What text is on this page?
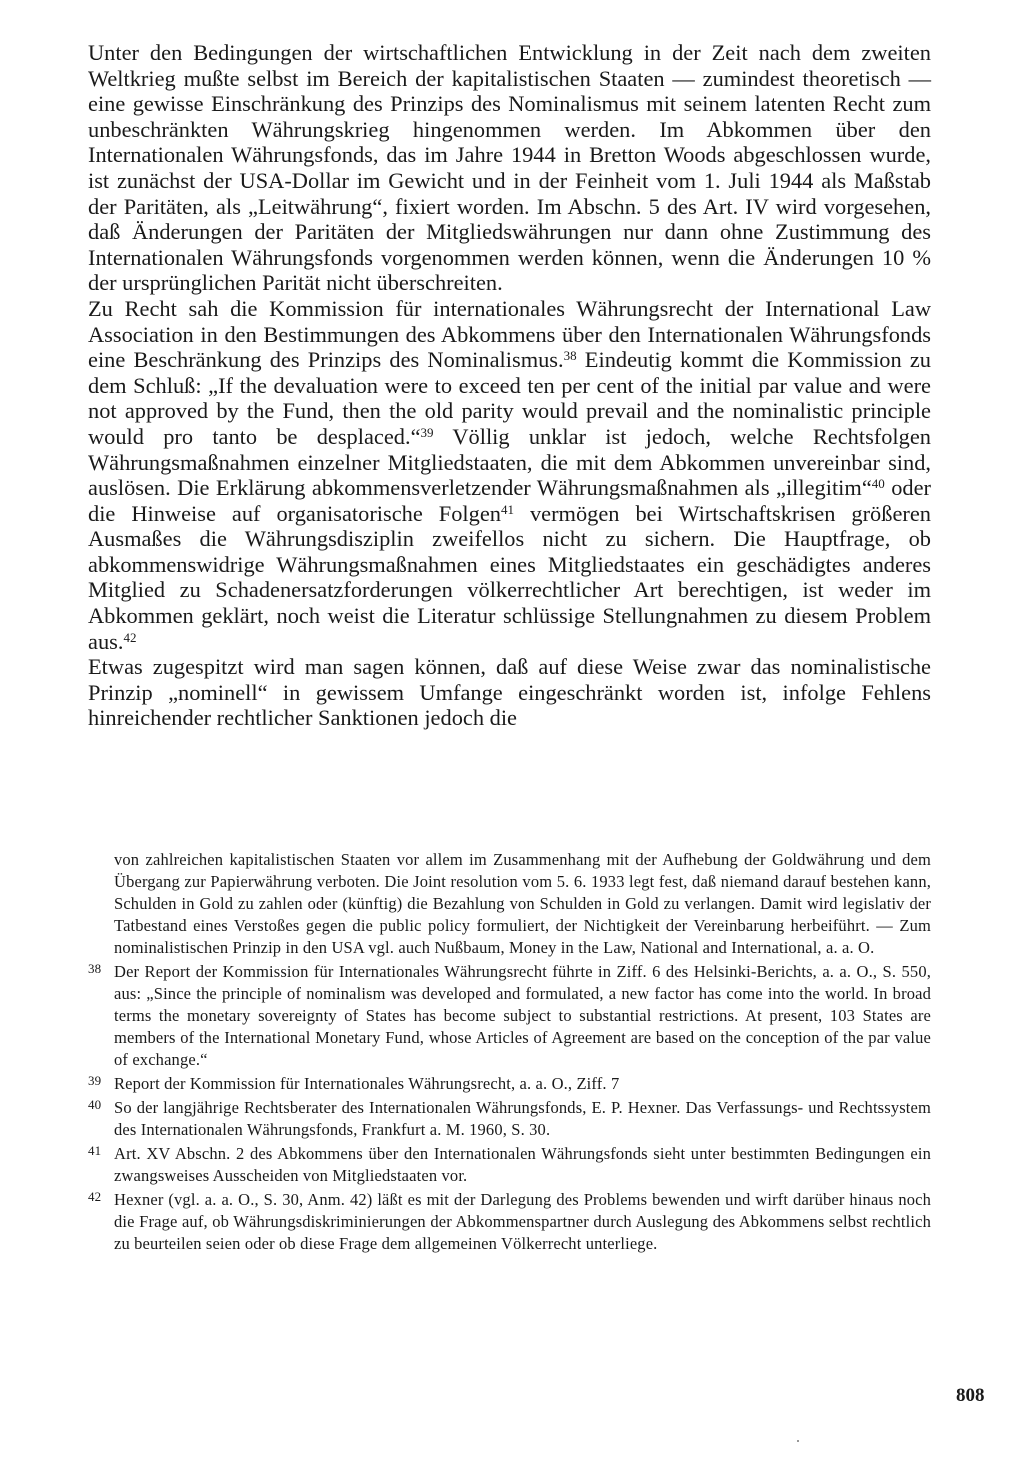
Unter den Bedingungen der wirtschaftlichen Entwicklung in der Zeit nach dem zweiten Weltkrieg mußte selbst im Bereich der kapitalistischen Staaten — zumindest theoretisch — eine gewisse Einschränkung des Prinzips des Nominalismus mit seinem latenten Recht zum unbeschränkten Währungskrieg hingenommen werden. Im Abkommen über den Internationalen Währungsfonds, das im Jahre 1944 in Bretton Woods abgeschlossen wurde, ist zunächst der USA-Dollar im Gewicht und in der Feinheit vom 1. Juli 1944 als Maßstab der Paritäten, als „Leitwährung“, fixiert worden. Im Abschn. 5 des Art. IV wird vorgesehen, daß Änderungen der Paritäten der Mitgliedswährungen nur dann ohne Zustimmung des Internationalen Währungsfonds vorgenommen werden können, wenn die Änderungen 10 % der ursprünglichen Parität nicht überschreiten.

Zu Recht sah die Kommission für internationales Währungsrecht der International Law Association in den Bestimmungen des Abkommens über den Internationalen Währungsfonds eine Beschränkung des Prinzips des Nominalismus.$^{38}$ Eindeutig kommt die Kommission zu dem Schluß: „If the devaluation were to exceed ten per cent of the initial par value and were not approved by the Fund, then the old parity would prevail and the nominalistic principle would pro tanto be desplaced.“$^{39}$ Völlig unklar ist jedoch, welche Rechtsfolgen Währungsmaßnahmen einzelner Mitgliedstaaten, die mit dem Abkommen unvereinbar sind, auslösen. Die Erklärung abkommensverletzender Währungsmaßnahmen als „illegitim“$^{40}$ oder die Hinweise auf organisatorische Folgen$^{41}$ vermögen bei Wirtschaftskrisen größeren Ausmaßes die Währungsdisziplin zweifellos nicht zu sichern. Die Hauptfrage, ob abkommenswidrige Währungsmaßnahmen eines Mitgliedstaates ein geschädigtes anderes Mitglied zu Schadenersatzforderungen völkerrechtlicher Art berechtigen, ist weder im Abkommen geklärt, noch weist die Literatur schlüssige Stellungnahmen zu diesem Problem aus.$^{42}$

Etwas zugespitzt wird man sagen können, daß auf diese Weise zwar das nominalistische Prinzip „nominell“ in gewissem Umfange eingeschränkt worden ist, infolge Fehlens hinreichender rechtlicher Sanktionen jedoch die

von zahlreichen kapitalistischen Staaten vor allem im Zusammenhang mit der Aufhebung der Goldwährung und dem Übergang zur Papierwährung verboten. Die Joint resolution vom 5. 6. 1933 legt fest, daß niemand darauf bestehen kann, Schulden in Gold zu zahlen oder (künftig) die Bezahlung von Schulden in Gold zu verlangen. Damit wird legislativ der Tatbestand eines Verstoßes gegen die public policy formuliert, der Nichtigkeit der Vereinbarung herbeiführt. — Zum nominalistischen Prinzip in den USA vgl. auch Nußbaum, Money in the Law, National and International, a. a. O.

38 Der Report der Kommission für Internationales Währungsrecht führte in Ziff. 6 des Helsinki-Berichts, a. a. O., S. 550, aus: „Since the principle of nominalism was developed and formulated, a new factor has come into the world. In broad terms the monetary sovereignty of States has become subject to substantial restrictions. At present, 103 States are members of the International Monetary Fund, whose Articles of Agreement are based on the conception of the par value of exchange.“
39 Report der Kommission für Internationales Währungsrecht, a. a. O., Ziff. 7
40 So der langjährige Rechtsberater des Internationalen Währungsfonds, E. P. Hexner. Das Verfassungs- und Rechtssystem des Internationalen Währungsfonds, Frankfurt a. M. 1960, S. 30.
41 Art. XV Abschn. 2 des Abkommens über den Internationalen Währungsfonds sieht unter bestimmten Bedingungen ein zwangsweises Ausscheiden von Mitgliedstaaten vor.
42 Hexner (vgl. a. a. O., S. 30, Anm. 42) läßt es mit der Darlegung des Problems bewenden und wirft darüber hinaus noch die Frage auf, ob Währungsdiskriminierungen der Abkommenspartner durch Auslegung des Abkommens selbst rechtlich zu beurteilen seien oder ob diese Frage dem allgemeinen Völkerrecht unterliege.
808
